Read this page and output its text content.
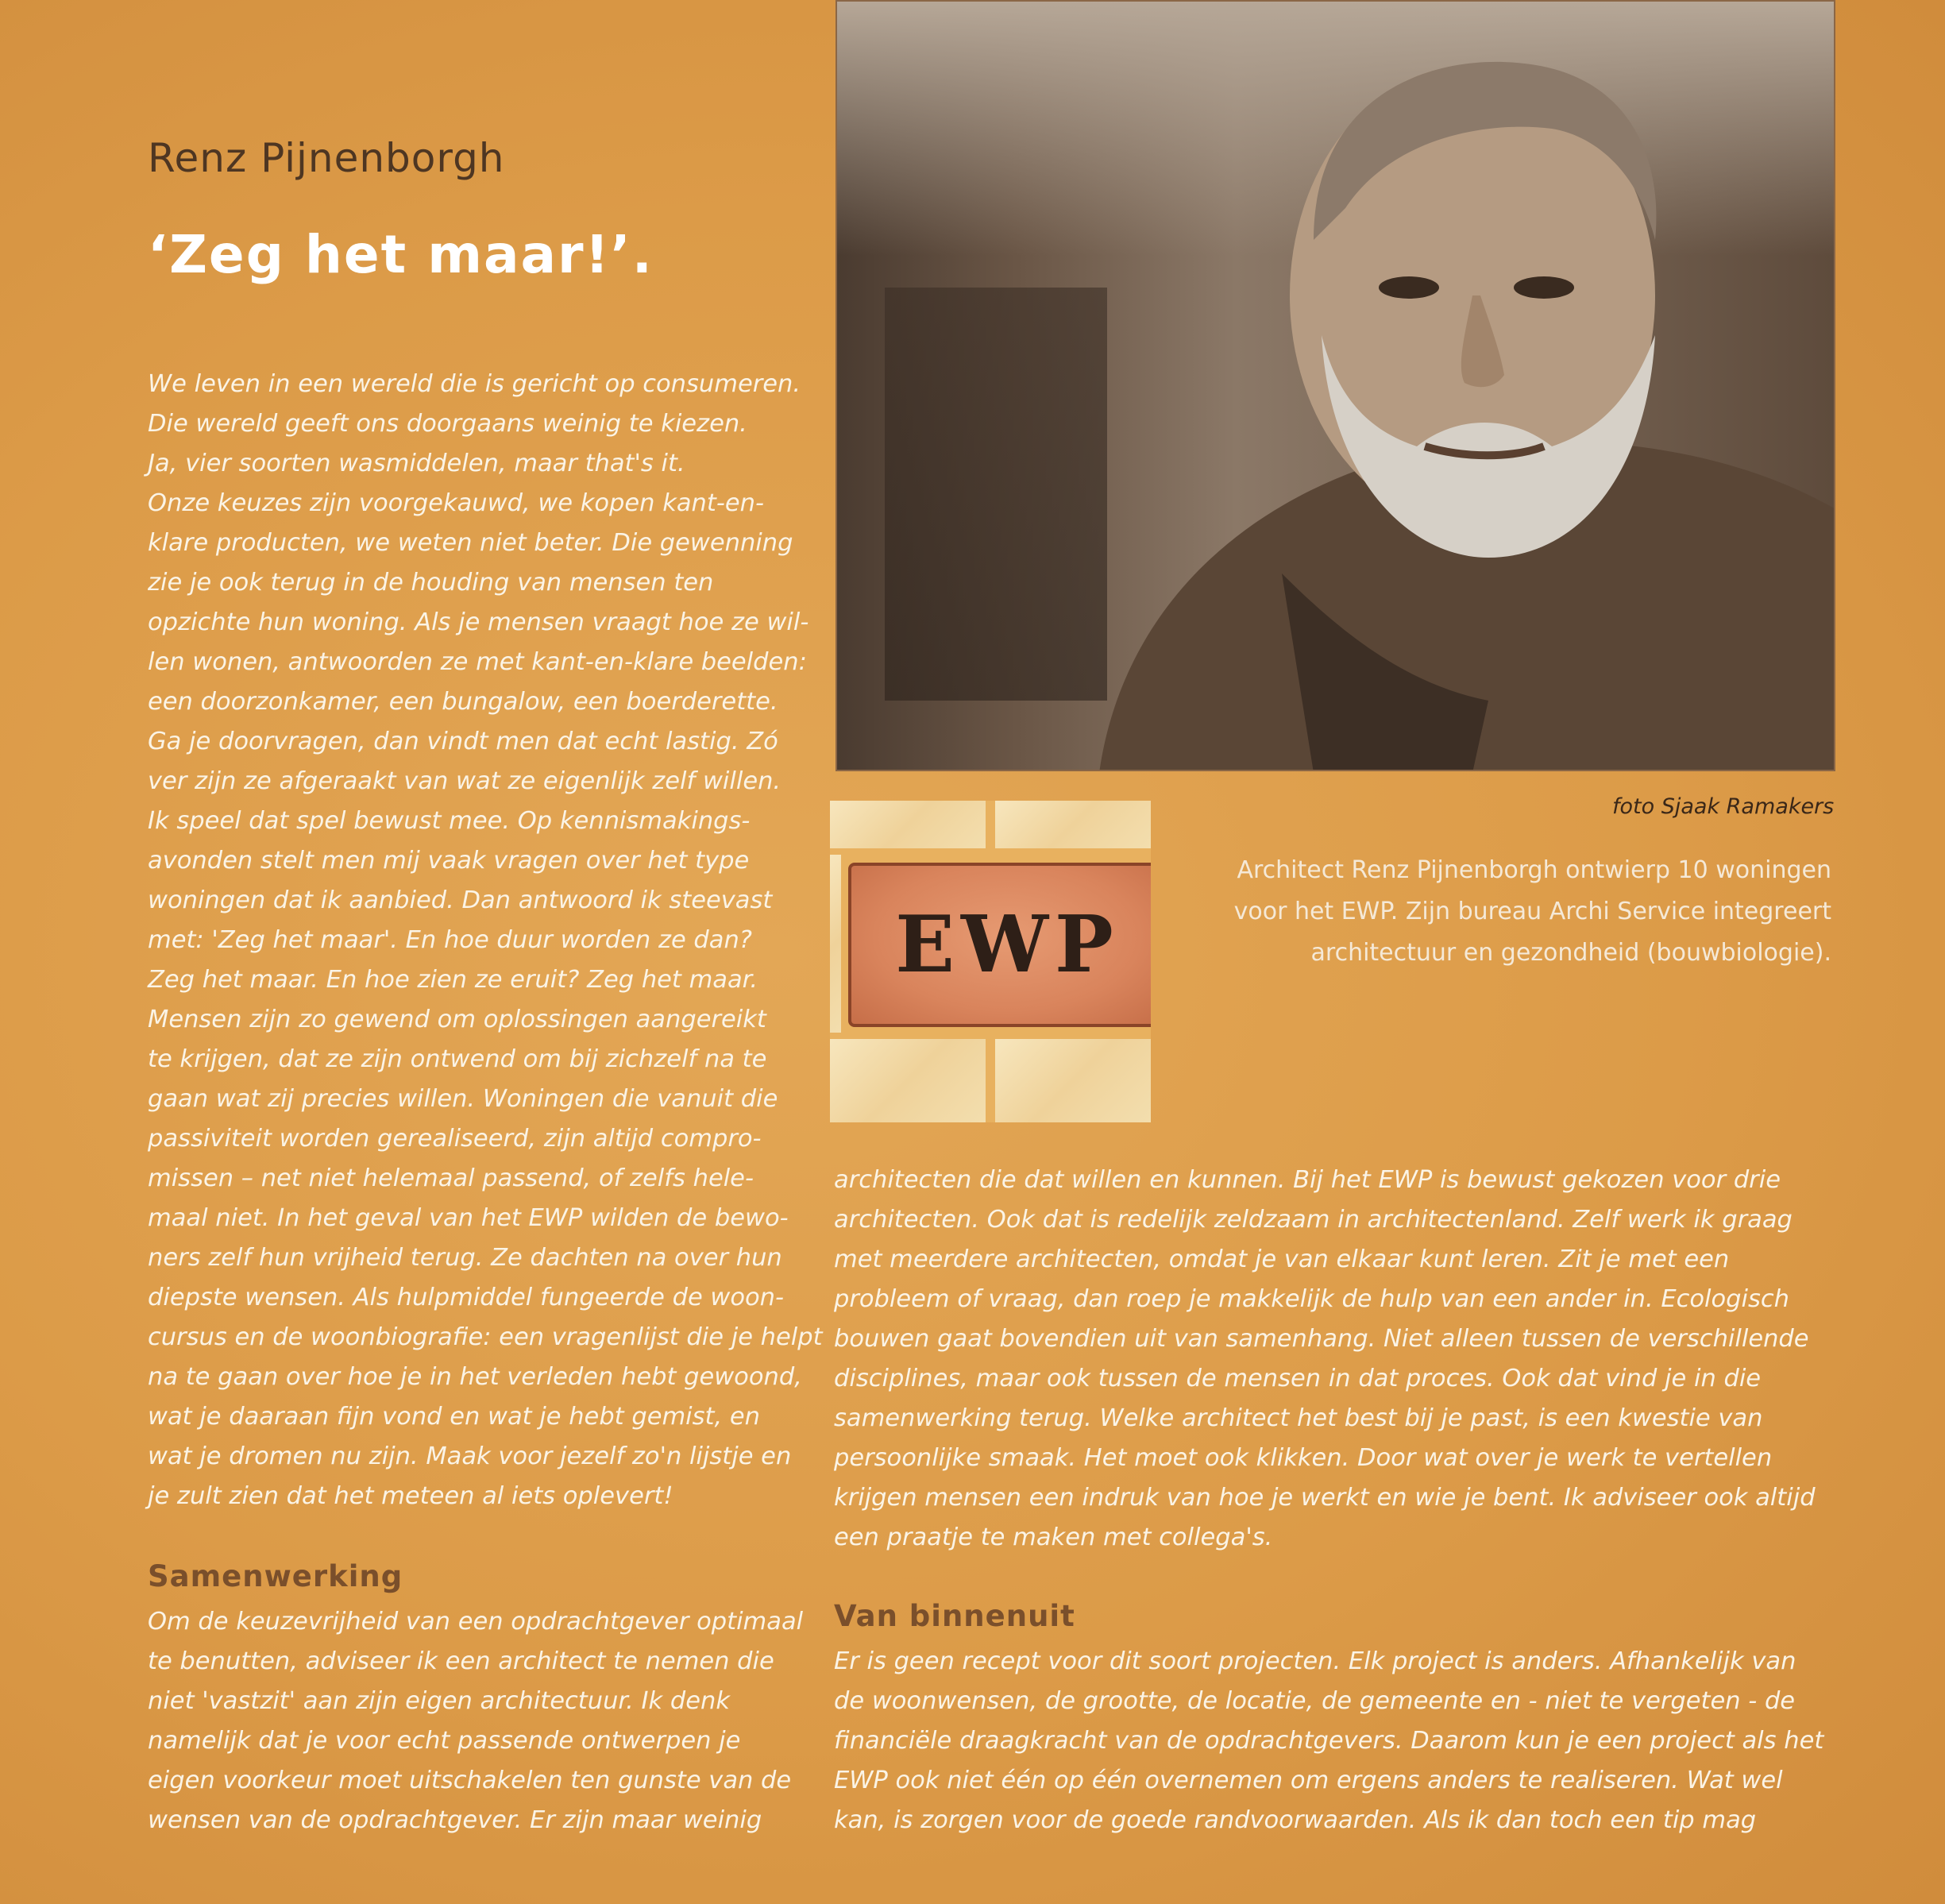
Renz Pijnenborgh
‘Zeg het maar!’.
We leven in een wereld die is gericht op consumeren.
Die wereld geeft ons doorgaans weinig te kiezen.
Ja, vier soorten wasmiddelen, maar that's it.
Onze keuzes zijn voorgekauwd, we kopen kant-en-
klare producten, we weten niet beter. Die gewenning
zie je ook terug in de houding van mensen ten
opzichte hun woning. Als je mensen vraagt hoe ze wil-
len wonen, antwoorden ze met kant-en-klare beelden:
een doorzonkamer, een bungalow, een boerderette.
Ga je doorvragen, dan vindt men dat echt lastig. Zó
ver zijn ze afgeraakt van wat ze eigenlijk zelf willen.
Ik speel dat spel bewust mee. Op kennismakings-
avonden stelt men mij vaak vragen over het type
woningen dat ik aanbied. Dan antwoord ik steevast
met: 'Zeg het maar'. En hoe duur worden ze dan?
Zeg het maar. En hoe zien ze eruit? Zeg het maar.
Mensen zijn zo gewend om oplossingen aangereikt
te krijgen, dat ze zijn ontwend om bij zichzelf na te
gaan wat zij precies willen. Woningen die vanuit die
passiviteit worden gerealiseerd, zijn altijd compro-
missen – net niet helemaal passend, of zelfs hele-
maal niet. In het geval van het EWP wilden de bewo-
ners zelf hun vrijheid terug. Ze dachten na over hun
diepste wensen. Als hulpmiddel fungeerde de woon-
cursus en de woonbiografie: een vragenlijst die je helpt
na te gaan over hoe je in het verleden hebt gewoond,
wat je daaraan fijn vond en wat je hebt gemist, en
wat je dromen nu zijn. Maak voor jezelf zo'n lijstje en
je zult zien dat het meteen al iets oplevert!
Samenwerking
Om de keuzevrijheid van een opdrachtgever optimaal
te benutten, adviseer ik een architect te nemen die
niet 'vastzit' aan zijn eigen architectuur. Ik denk
namelijk dat je voor echt passende ontwerpen je
eigen voorkeur moet uitschakelen ten gunste van de
wensen van de opdrachtgever. Er zijn maar weinig
architecten die dat willen en kunnen. Bij het EWP is bewust gekozen voor drie
architecten. Ook dat is redelijk zeldzaam in architectenland. Zelf werk ik graag
met meerdere architecten, omdat je van elkaar kunt leren. Zit je met een
probleem of vraag, dan roep je makkelijk de hulp van een ander in. Ecologisch
bouwen gaat bovendien uit van samenhang. Niet alleen tussen de verschillende
disciplines, maar ook tussen de mensen in dat proces. Ook dat vind je in die
samenwerking terug. Welke architect het best bij je past, is een kwestie van
persoonlijke smaak. Het moet ook klikken. Door wat over je werk te vertellen
krijgen mensen een indruk van hoe je werkt en wie je bent. Ik adviseer ook altijd
een praatje te maken met collega's.
Van binnenuit
Er is geen recept voor dit soort projecten. Elk project is anders. Afhankelijk van
de woonwensen, de grootte, de locatie, de gemeente en - niet te vergeten - de
financiële draagkracht van de opdrachtgevers. Daarom kun je een project als het
EWP ook niet één op één overnemen om ergens anders te realiseren. Wat wel
kan, is zorgen voor de goede randvoorwaarden. Als ik dan toch een tip mag
foto Sjaak Ramakers
Architect Renz Pijnenborgh ontwierp 10 woningen
voor het EWP. Zijn bureau Archi Service integreert
architectuur en gezondheid (bouwbiologie).
EWP
